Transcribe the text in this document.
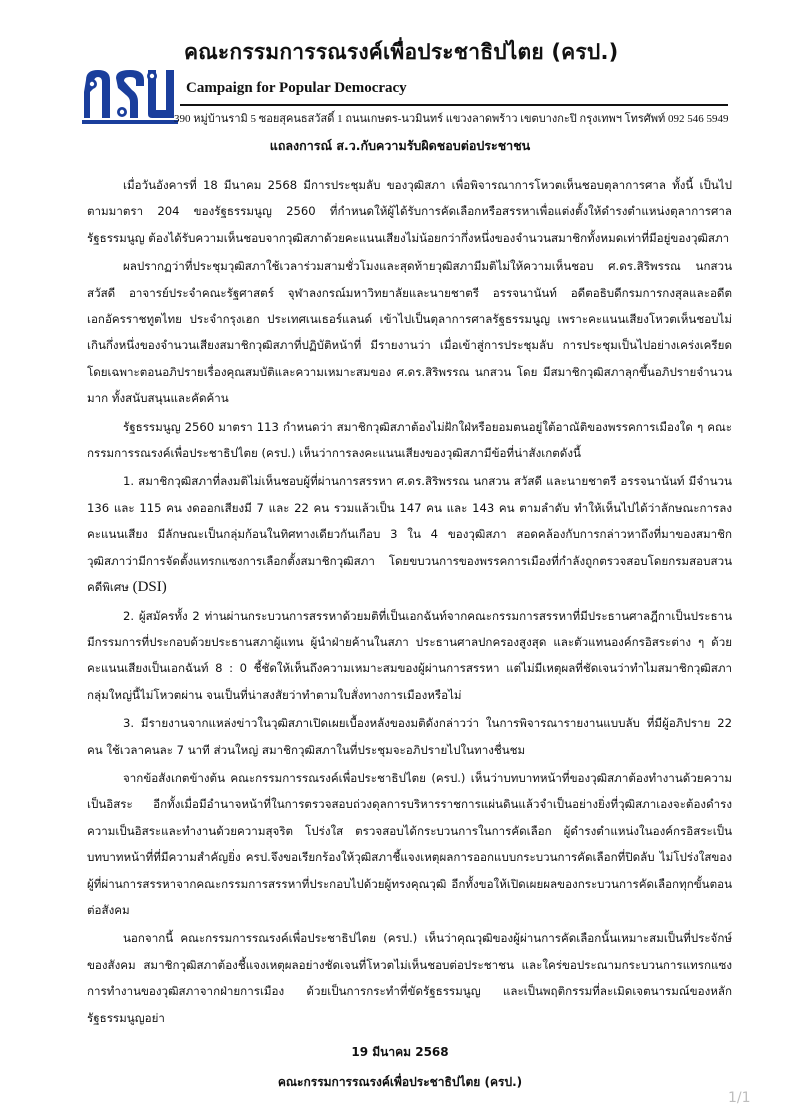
คณะกรรมการรณรงค์เพื่อประชาธิปไตย (ครป.)
Campaign for Popular Democracy
390 หมู่บ้านรามิ 5 ซอยสุคนธสวัสดิ์ 1 ถนนเกษตร-นวมินทร์ แขวงลาดพร้าว เขตบางกะปิ กรุงเทพฯ โทรศัพท์ 092 546 5949
แถลงการณ์ ส.ว.กับความรับผิดชอบต่อประชาชน

เมื่อวันอังคารที่ 18 มีนาคม 2568 มีการประชุมลับ ของวุฒิสภา เพื่อพิจารณาการโหวตเห็นชอบตุลาการศาล ทั้งนี้ เป็นไปตามมาตรา 204 ของรัฐธรรมนูญ 2560 ที่กำหนดให้ผู้ได้รับการคัดเลือกหรือสรรหาเพื่อแต่งตั้งให้ดำรงตำแหน่งตุลาการศาลรัฐธรรมนูญ ต้องได้รับความเห็นชอบจากวุฒิสภาด้วยคะแนนเสียงไม่น้อยกว่ากึ่งหนึ่งของจำนวนสมาชิกทั้งหมดเท่าที่มีอยู่ของวุฒิสภา

ผลปรากฏว่าที่ประชุมวุฒิสภาใช้เวลาร่วมสามชั่วโมงและสุดท้ายวุฒิสภามีมติไม่ให้ความเห็นชอบ ศ.ดร.สิริพรรณ นกสวน สวัสดี อาจารย์ประจำคณะรัฐศาสตร์ จุฬาลงกรณ์มหาวิทยาลัยและนายชาตรี อรรจนานันท์ อดีตอธิบดีกรมการกงสุลและอดีตเอกอัครราชทูตไทย ประจำกรุงเฮก ประเทศเนเธอร์แลนด์ เข้าไปเป็นตุลาการศาลรัฐธรรมนูญ เพราะคะแนนเสียงโหวตเห็นชอบไม่เกินกึ่งหนึ่งของจำนวนเสียงสมาชิกวุฒิสภาที่ปฏิบัติหน้าที่ มีรายงานว่า เมื่อเข้าสู่การประชุมลับ การประชุมเป็นไปอย่างเคร่งเครียด โดยเฉพาะตอนอภิปรายเรื่องคุณสมบัติและความเหมาะสมของ ศ.ดร.สิริพรรณ นกสวน โดย มีสมาชิกวุฒิสภาลุกขึ้นอภิปรายจำนวนมาก ทั้งสนับสนุนและคัดค้าน

รัฐธรรมนูญ 2560 มาตรา 113 กำหนดว่า สมาชิกวุฒิสภาต้องไม่ฝักใฝ่หรือยอมตนอยู่ใต้อาณัติของพรรคการเมืองใด ๆ คณะกรรมการรณรงค์เพื่อประชาธิปไตย (ครป.) เห็นว่าการลงคะแนนเสียงของวุฒิสภามีข้อที่น่าสังเกตดังนี้

1. สมาชิกวุฒิสภาที่ลงมติไม่เห็นชอบผู้ที่ผ่านการสรรหา ศ.ดร.สิริพรรณ นกสวน สวัสดี และนายชาตรี อรรจนานันท์ มีจำนวน 136 และ 115 คน งดออกเสียงมี 7 และ 22 คน รวมแล้วเป็น 147 คน และ 143 คน ตามลำดับ ทำให้เห็นไปได้ว่าลักษณะการลงคะแนนเสียง มีลักษณะเป็นกลุ่มก้อนในทิศทางเดียวกันเกือบ 3 ใน 4 ของวุฒิสภา สอดคล้องกับการกล่าวหาถึงที่มาของสมาชิกวุฒิสภาว่ามีการจัดตั้งแทรกแซงการเลือกตั้งสมาชิกวุฒิสภา โดยขบวนการของพรรคการเมืองที่กำลังถูกตรวจสอบโดยกรมสอบสวนคดีพิเศษ (DSI)

2. ผู้สมัครทั้ง 2 ท่านผ่านกระบวนการสรรหาด้วยมติที่เป็นเอกฉันท์จากคณะกรรมการสรรหาที่มีประธานศาลฎีกาเป็นประธาน มีกรรมการที่ประกอบด้วยประธานสภาผู้แทน ผู้นำฝ่ายค้านในสภา ประธานศาลปกครองสูงสุด และตัวแทนองค์กรอิสระต่าง ๆ ด้วยคะแนนเสียงเป็นเอกฉันท์ 8 : 0 ชี้ชัดให้เห็นถึงความเหมาะสมของผู้ผ่านการสรรหา แต่ไม่มีเหตุผลที่ชัดเจนว่าทำไมสมาชิกวุฒิสภากลุ่มใหญ่นี้ไม่โหวตผ่าน จนเป็นที่น่าสงสัยว่าทำตามใบสั่งทางการเมืองหรือไม่

3. มีรายงานจากแหล่งข่าวในวุฒิสภาเปิดเผยเบื้องหลังของมติดังกล่าวว่า ในการพิจารณารายงานแบบลับ ที่มีผู้อภิปราย 22 คน ใช้เวลาคนละ 7 นาที ส่วนใหญ่ สมาชิกวุฒิสภาในที่ประชุมจะอภิปรายไปในทางชื่นชม

จากข้อสังเกตข้างต้น คณะกรรมการรณรงค์เพื่อประชาธิปไตย (ครป.) เห็นว่าบทบาทหน้าที่ของวุฒิสภาต้องทำงานด้วยความเป็นอิสระ อีกทั้งเมื่อมีอำนาจหน้าที่ในการตรวจสอบถ่วงดุลการบริหารราชการแผ่นดินแล้วจำเป็นอย่างยิ่งที่วุฒิสภาเองจะต้องดำรงความเป็นอิสระและทำงานด้วยความสุจริต โปร่งใส ตรวจสอบได้กระบวนการในการคัดเลือก ผู้ดำรงตำแหน่งในองค์กรอิสระเป็นบทบาทหน้าที่ที่มีความสำคัญยิ่ง ครป.จึงขอเรียกร้องให้วุฒิสภาชี้แจงเหตุผลการออกแบบกระบวนการคัดเลือกที่ปิดลับ ไม่โปร่งใสของผู้ที่ผ่านการสรรหาจากคณะกรรมการสรรหาที่ประกอบไปด้วยผู้ทรงคุณวุฒิ อีกทั้งขอให้เปิดเผยผลของกระบวนการคัดเลือกทุกขั้นตอนต่อสังคม

นอกจากนี้ คณะกรรมการรณรงค์เพื่อประชาธิปไตย (ครป.) เห็นว่าคุณวุฒิของผู้ผ่านการคัดเลือกนั้นเหมาะสมเป็นที่ประจักษ์ของสังคม สมาชิกวุฒิสภาต้องชี้แจงเหตุผลอย่างชัดเจนที่โหวตไม่เห็นชอบต่อประชาชน และใคร่ขอประณามกระบวนการแทรกแซงการทำงานของวุฒิสภาจากฝ่ายการเมือง ด้วยเป็นการกระทำที่ขัดรัฐธรรมนูญ และเป็นพฤติกรรมที่ละเมิดเจตนารมณ์ของหลักรัฐธรรมนูญอย่า

19 มีนาคม 2568
คณะกรรมการรณรงค์เพื่อประชาธิปไตย (ครป.)
1/1
